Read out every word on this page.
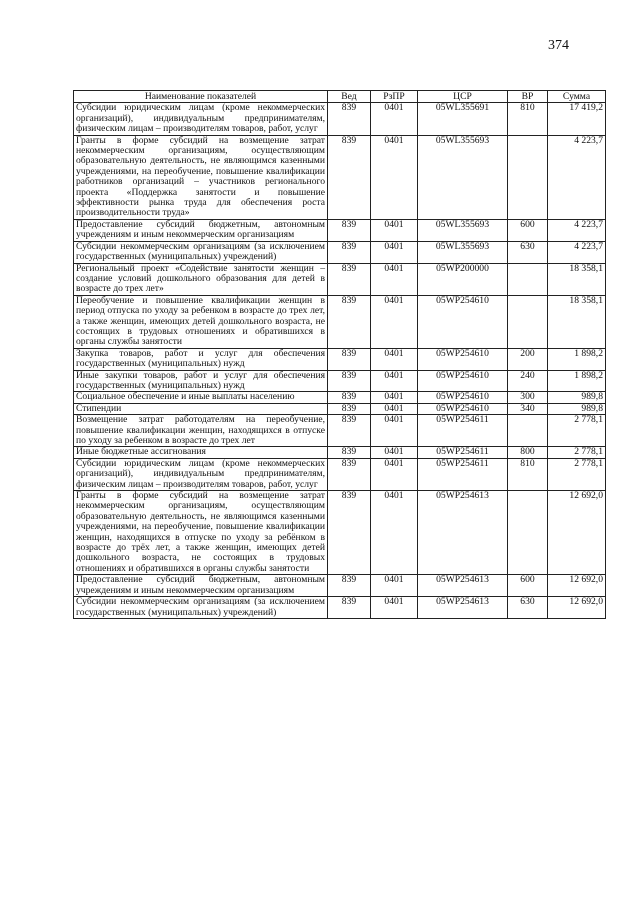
374
Наименование показателей	Вед	РзПР	ЦСР	ВР	Сумма
Субсидии юридическим лицам (кроме некоммерческих организаций), индивидуальным предпринимателям, физическим лицам – производителям товаров, работ, услуг	839	0401	05WL355691	810	17 419,2
Гранты в форме субсидий на возмещение затрат некоммерческим организациям, осуществляющим образовательную деятельность, не являющимся казенными учреждениями, на переобучение, повышение квалификации работников организаций – участников регионального проекта «Поддержка занятости и повышение эффективности рынка труда для обеспечения роста производительности труда»	839	0401	05WL355693		4 223,7
Предоставление субсидий бюджетным, автономным учреждениям и иным некоммерческим организациям	839	0401	05WL355693	600	4 223,7
Субсидии некоммерческим организациям (за исключением государственных (муниципальных) учреждений)	839	0401	05WL355693	630	4 223,7
Региональный проект «Содействие занятости женщин – создание условий дошкольного образования для детей в возрасте до трех лет»	839	0401	05WP200000		18 358,1
Переобучение и повышение квалификации женщин в период отпуска по уходу за ребенком в возрасте до трех лет, а также женщин, имеющих детей дошкольного возраста, не состоящих в трудовых отношениях и обратившихся в органы службы занятости	839	0401	05WP254610		18 358,1
Закупка товаров, работ и услуг для обеспечения государственных (муниципальных) нужд	839	0401	05WP254610	200	1 898,2
Иные закупки товаров, работ и услуг для обеспечения государственных (муниципальных) нужд	839	0401	05WP254610	240	1 898,2
Социальное обеспечение и иные выплаты населению	839	0401	05WP254610	300	989,8
Стипендии	839	0401	05WP254610	340	989,8
Возмещение затрат работодателям на переобучение, повышение квалификации женщин, находящихся в отпуске по уходу за ребенком в возрасте до трех лет	839	0401	05WP254611		2 778,1
Иные бюджетные ассигнования	839	0401	05WP254611	800	2 778,1
Субсидии юридическим лицам (кроме некоммерческих организаций), индивидуальным предпринимателям, физическим лицам – производителям товаров, работ, услуг	839	0401	05WP254611	810	2 778,1
Гранты в форме субсидий на возмещение затрат некоммерческим организациям, осуществляющим образовательную деятельность, не являющимся казенными учреждениями, на переобучение, повышение квалификации женщин, находящихся в отпуске по уходу за ребёнком в возрасте до трёх лет, а также женщин, имеющих детей дошкольного возраста, не состоящих в трудовых отношениях и обратившихся в органы службы занятости	839	0401	05WP254613		12 692,0
Предоставление субсидий бюджетным, автономным учреждениям и иным некоммерческим организациям	839	0401	05WP254613	600	12 692,0
Субсидии некоммерческим организациям (за исключением государственных (муниципальных) учреждений)	839	0401	05WP254613	630	12 692,0
